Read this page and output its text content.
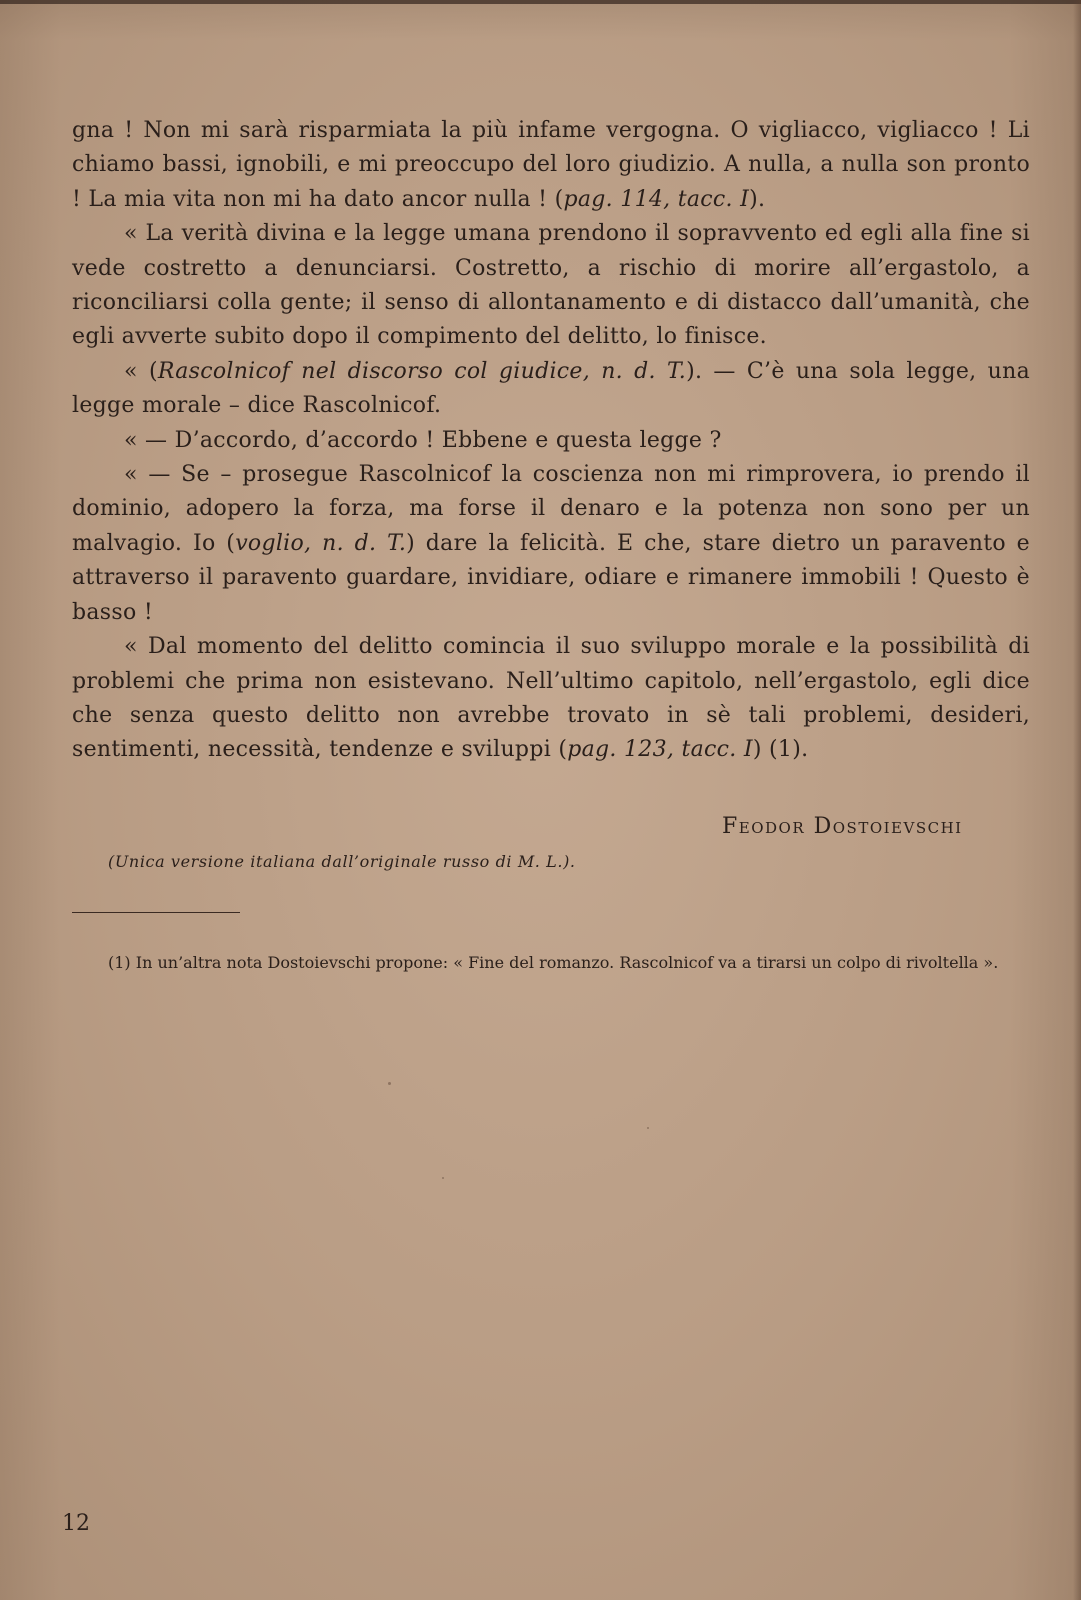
gna ! Non mi sarà risparmiata la più infame vergogna. O vigliacco, vigliacco ! Li chiamo bassi, ignobili, e mi preoccupo del loro giudizio. A nulla, a nulla son pronto ! La mia vita non mi ha dato ancor nulla ! (pag. 114, tacc. I).

« La verità divina e la legge umana prendono il sopravvento ed egli alla fine si vede costretto a denunciarsi. Costretto, a rischio di morire all’ergastolo, a riconciliarsi colla gente; il senso di allontanamento e di distacco dall’umanità, che egli avverte subito dopo il compimento del delitto, lo finisce.

« (Rascolnicof nel discorso col giudice, n. d. T.). — C’è una sola legge, una legge morale – dice Rascolnicof.

« — D’accordo, d’accordo ! Ebbene e questa legge ?

« — Se – prosegue Rascolnicof la coscienza non mi rimprovera, io prendo il dominio, adopero la forza, ma forse il denaro e la potenza non sono per un malvagio. Io (voglio, n. d. T.) dare la felicità. E che, stare dietro un paravento e attraverso il paravento guardare, invidiare, odiare e rimanere immobili ! Questo è basso !

« Dal momento del delitto comincia il suo sviluppo morale e la possibilità di problemi che prima non esistevano. Nell’ultimo capitolo, nell’ergastolo, egli dice che senza questo delitto non avrebbe trovato in sè tali problemi, desideri, sentimenti, necessità, tendenze e sviluppi (pag. 123, tacc. I) (1).

Feodor Dostoievschi
(Unica versione italiana dall’originale russo di M. L.).

(1) In un’altra nota Dostoievschi propone: « Fine del romanzo. Rascolnicof va a tirarsi un colpo di rivoltella ».

12
